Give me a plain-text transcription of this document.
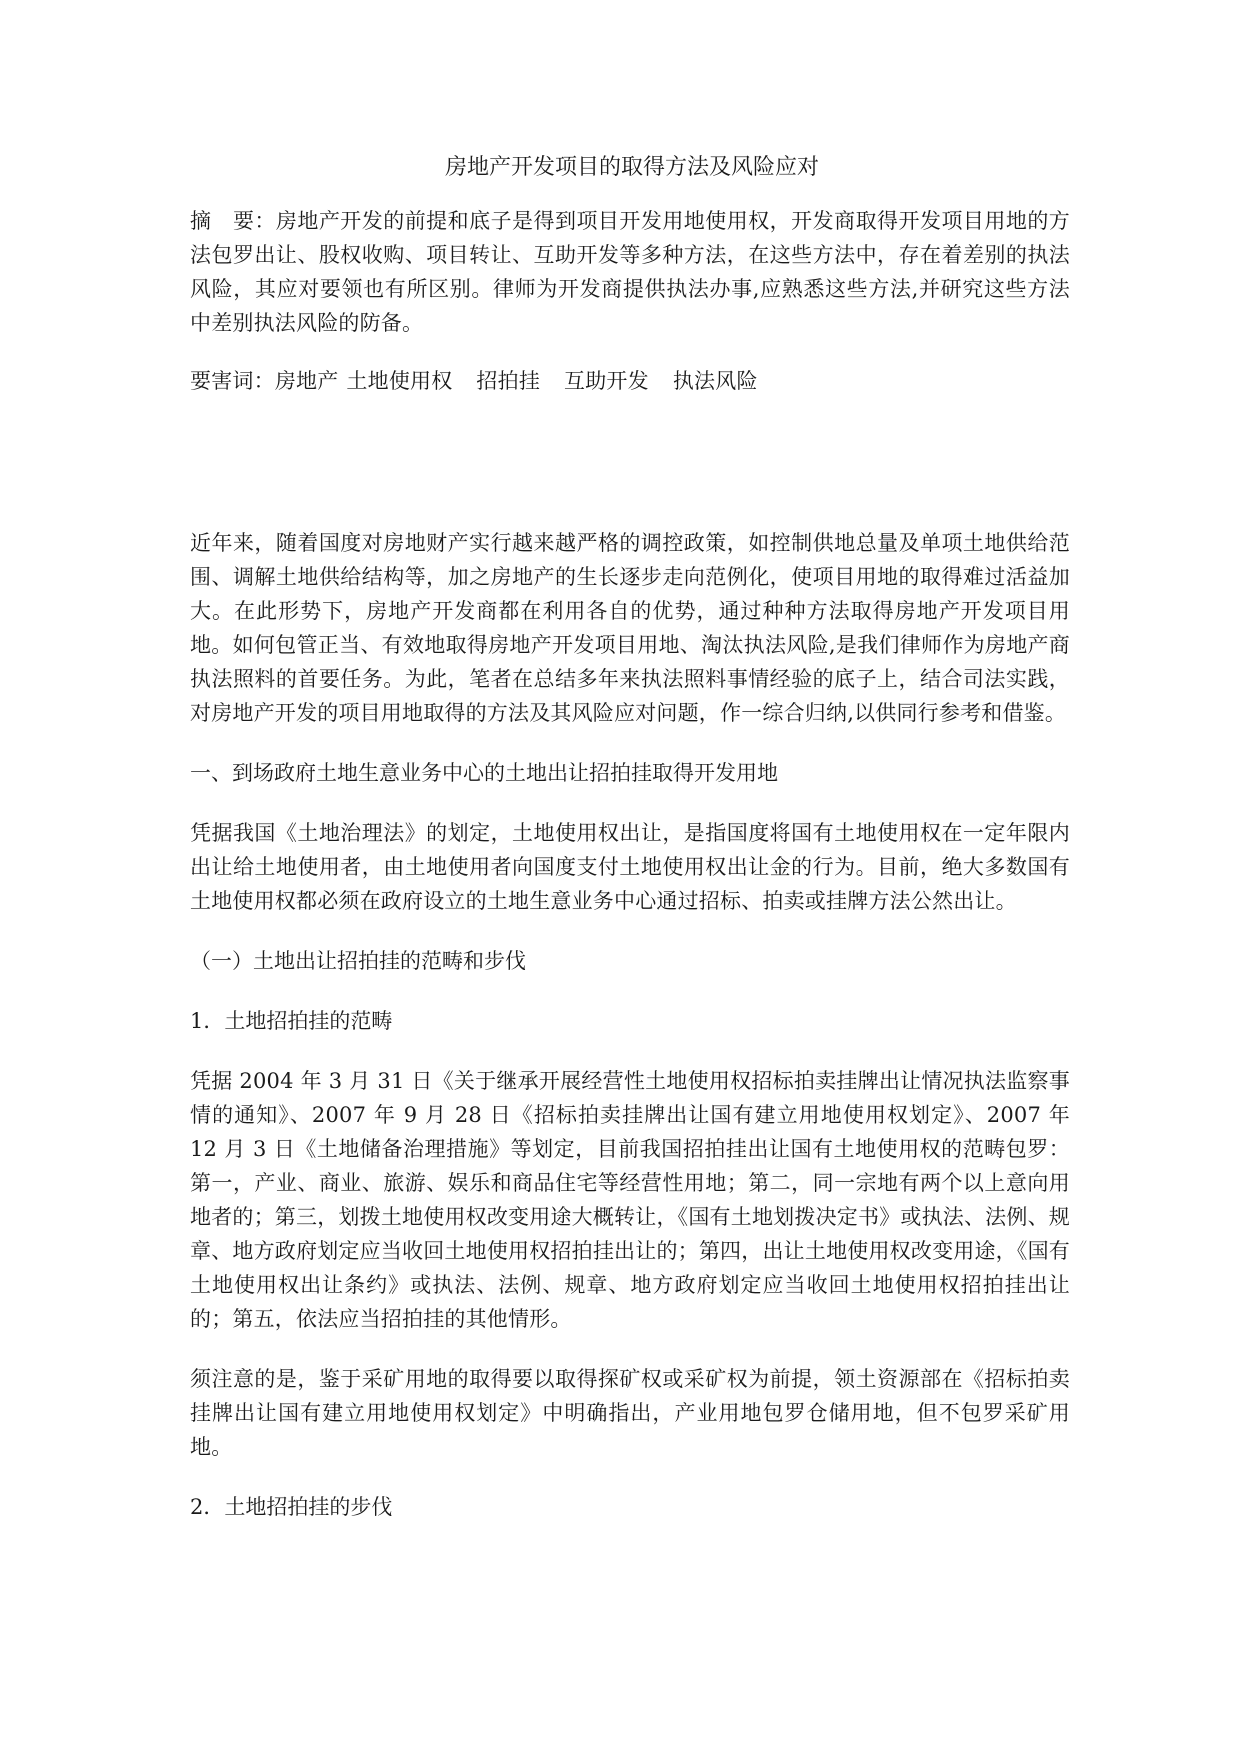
房地产开发项目的取得方法及风险应对

摘　要：房地产开发的前提和底子是得到项目开发用地使用权，开发商取得开发项目用地的方法包罗出让、股权收购、项目转让、互助开发等多种方法，在这些方法中，存在着差别的执法风险，其应对要领也有所区别。律师为开发商提供执法办事,应熟悉这些方法,并研究这些方法中差别执法风险的防备。

要害词：房地产 土地使用权 招拍挂 互助开发 执法风险

近年来，随着国度对房地财产实行越来越严格的调控政策，如控制供地总量及单项土地供给范围、调解土地供给结构等，加之房地产的生长逐步走向范例化，使项目用地的取得难过活益加大。在此形势下，房地产开发商都在利用各自的优势，通过种种方法取得房地产开发项目用地。如何包管正当、有效地取得房地产开发项目用地、淘汰执法风险,是我们律师作为房地产商执法照料的首要任务。为此，笔者在总结多年来执法照料事情经验的底子上，结合司法实践，对房地产开发的项目用地取得的方法及其风险应对问题，作一综合归纳,以供同行参考和借鉴。

一、到场政府土地生意业务中心的土地出让招拍挂取得开发用地

凭据我国《土地治理法》的划定，土地使用权出让，是指国度将国有土地使用权在一定年限内出让给土地使用者，由土地使用者向国度支付土地使用权出让金的行为。目前，绝大多数国有土地使用权都必须在政府设立的土地生意业务中心通过招标、拍卖或挂牌方法公然出让。

（一）土地出让招拍挂的范畴和步伐

1．土地招拍挂的范畴

凭据 2004 年 3 月 31 日《关于继承开展经营性土地使用权招标拍卖挂牌出让情况执法监察事情的通知》、2007 年 9 月 28 日《招标拍卖挂牌出让国有建立用地使用权划定》、2007 年 12 月 3 日《土地储备治理措施》等划定，目前我国招拍挂出让国有土地使用权的范畴包罗：第一，产业、商业、旅游、娱乐和商品住宅等经营性用地；第二，同一宗地有两个以上意向用地者的；第三，划拨土地使用权改变用途大概转让，《国有土地划拨决定书》或执法、法例、规章、地方政府划定应当收回土地使用权招拍挂出让的；第四，出让土地使用权改变用途，《国有土地使用权出让条约》或执法、法例、规章、地方政府划定应当收回土地使用权招拍挂出让的；第五，依法应当招拍挂的其他情形。

须注意的是，鉴于采矿用地的取得要以取得探矿权或采矿权为前提，领土资源部在《招标拍卖挂牌出让国有建立用地使用权划定》中明确指出，产业用地包罗仓储用地，但不包罗采矿用地。

2．土地招拍挂的步伐
